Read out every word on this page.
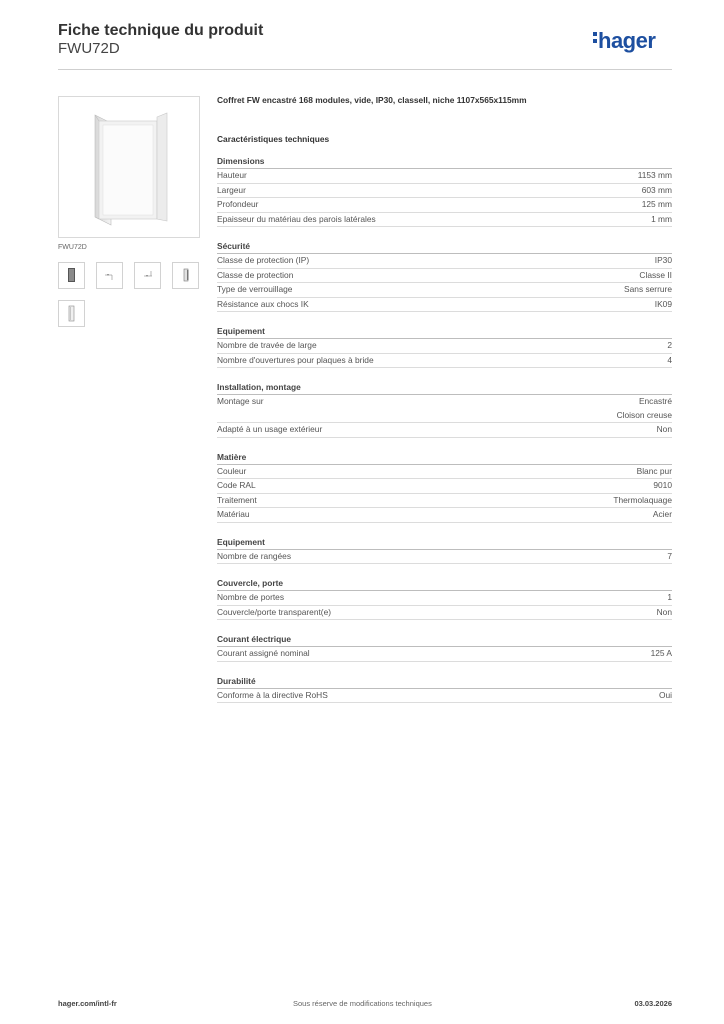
Fiche technique du produit
FWU72D	hager
FWU72D
Coffret FW encastré 168 modules, vide, IP30, classeII, niche 1107x565x115mm
Caractéristiques techniques
Dimensions
Hauteur	1153 mm
Largeur	603 mm
Profondeur	125 mm
Epaisseur du matériau des parois latérales	1 mm
Sécurité
Classe de protection (IP)	IP30
Classe de protection	Classe II
Type de verrouillage	Sans serrure
Résistance aux chocs IK	IK09
Equipement
Nombre de travée de large	2
Nombre d'ouvertures pour plaques à bride	4
Installation, montage
Montage sur	Encastré
Cloison creuse
Adapté à un usage extérieur	Non
Matière
Couleur	Blanc pur
Code RAL	9010
Traitement	Thermolaquage
Matériau	Acier
Equipement
Nombre de rangées	7
Couvercle, porte
Nombre de portes	1
Couvercle/porte transparent(e)	Non
Courant électrique
Courant assigné nominal	125 A
Durabilité
Conforme à la directive RoHS	Oui
hager.com/intl-fr	Sous réserve de modifications techniques	03.03.2026
